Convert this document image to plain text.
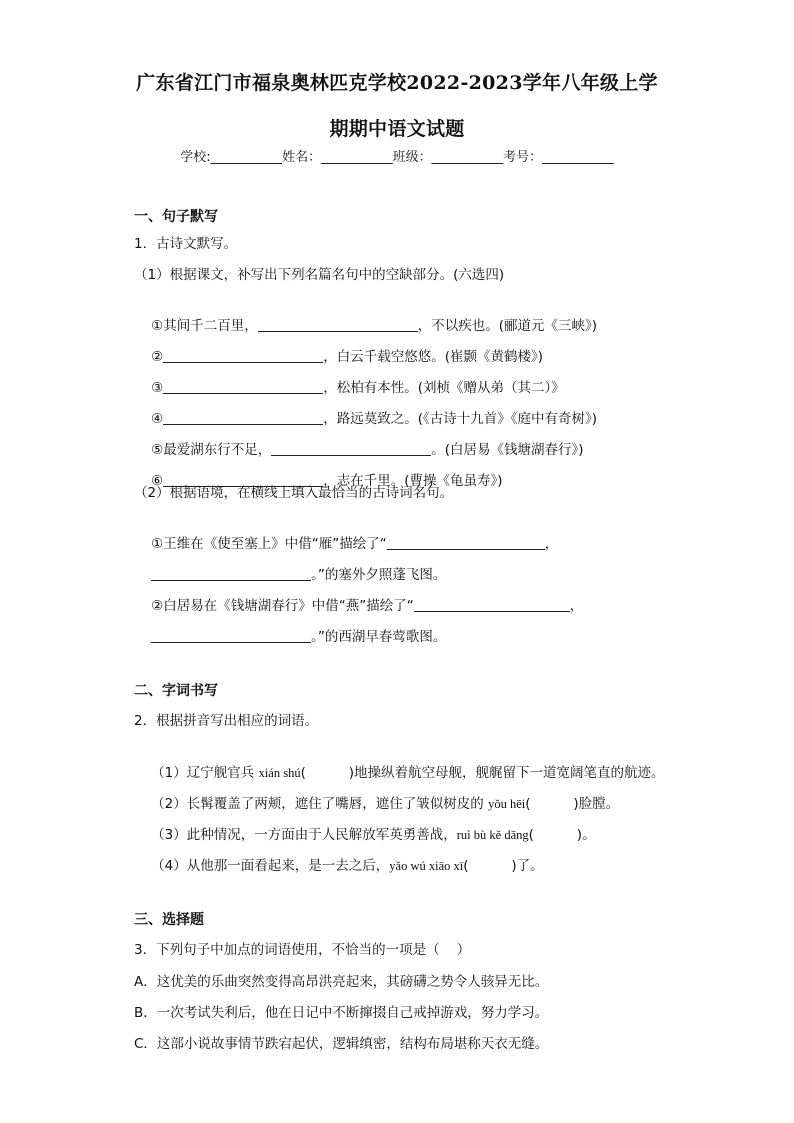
广东省江门市福泉奥林匹克学校2022-2023学年八年级上学
期期中语文试题
学校:___________姓名：___________班级：___________考号：___________
一、句子默写
1．古诗文默写。
（1）根据课文，补写出下列名篇名句中的空缺部分。(六选四)

①其间千二百里，	，不以疾也。(郦道元《三峡》)

②	，白云千载空悠悠。(崔颢《黄鹤楼》)

③	，松柏有本性。(刘桢《赠从弟（其二）》

④	，路远莫致之。(《古诗十九首》《庭中有奇树》)

⑤最爱湖东行不足，	。(白居易《钱塘湖春行》)

⑥	，志在千里。(曹操《龟虽寿》)

（2）根据语境，在横线上填入最恰当的古诗词名句。

①王维在《使至塞上》中借“雁”描绘了“	，

。”的塞外夕照蓬飞图。

②白居易在《钱塘湖春行》中借“燕”描绘了“	，

。”的西湖早春莺歌图。

二、字词书写
2．根据拼音写出相应的词语。

（1）辽宁舰官兵 xián shú(          )地操纵着航空母舰，舰艉留下一道宽阔笔直的航迹。

（2）长髯覆盖了两颊，遮住了嘴唇，遮住了皱似树皮的 yǒu hēi(          )脸膛。

（3）此种情况，一方面由于人民解放军英勇善战，ruì bù kě dāng(          )。

（4）从他那一面看起来，是一去之后，yǎo wú xiāo xī(          )了。

三、选择题
3．下列句子中加点的词语使用，不恰当的一项是（    ）
A．这优美的乐曲突然变得高昂洪亮起来，其磅礴之势令人骇异无比。
B．一次考试失利后，他在日记中不断撺掇自己戒掉游戏，努力学习。
C．这部小说故事情节跌宕起伏，逻辑缜密，结构布局堪称天衣无缝。
